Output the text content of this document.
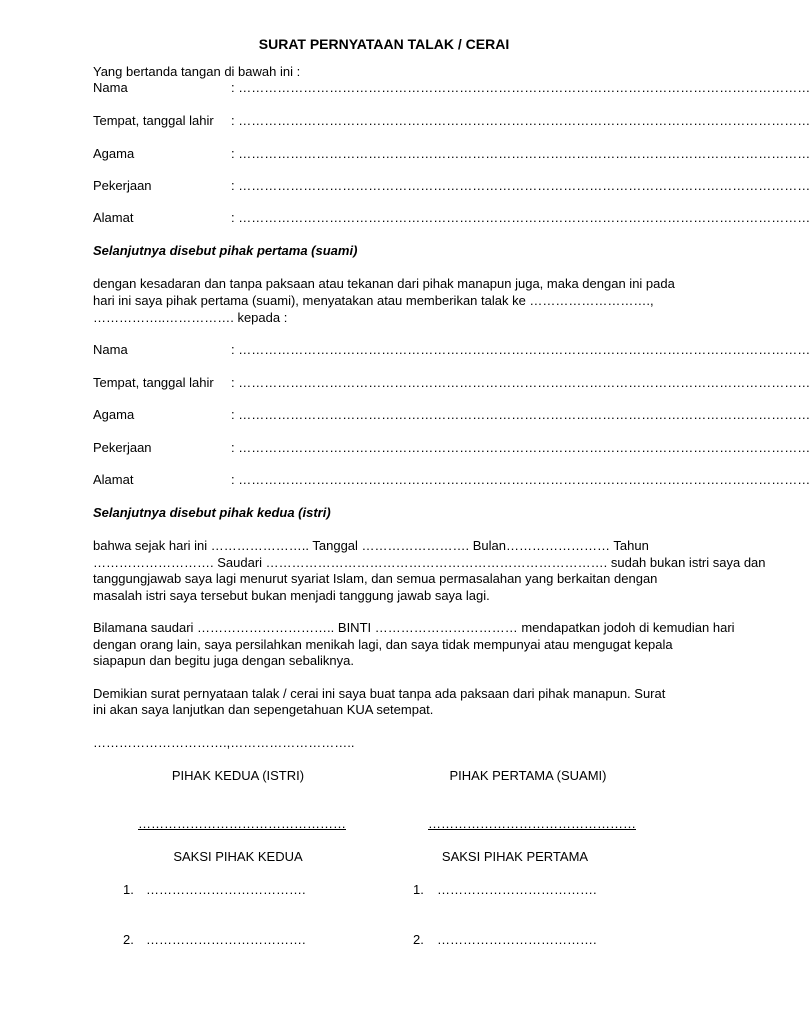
SURAT PERNYATAAN TALAK / CERAI
Yang bertanda tangan di bawah ini :
Nama	: ……………………………………………………………………………………………………………………
Tempat, tanggal lahir : ……………………………………………………………………………………………………………………
Agama	: ……………………………………………………………………………………………………………………
Pekerjaan	: ……………………………………………………………………………………………………………………
Alamat	: ……………………………………………………………………………………………………………………
Selanjutnya disebut pihak pertama (suami)
dengan kesadaran dan tanpa paksaan atau tekanan dari pihak manapun juga, maka dengan ini pada
hari ini saya pihak pertama (suami), menyatakan atau memberikan talak ke ……………………….,
……………..……………. kepada :
Nama	: ……………………………………………………………………………………………………………………
Tempat, tanggal lahir : ……………………………………………………………………………………………………………………
Agama	: ……………………………………………………………………………………………………………………
Pekerjaan	: ……………………………………………………………………………………………………………………
Alamat	: ……………………………………………………………………………………………………………………
Selanjutnya disebut pihak kedua (istri)
bahwa sejak hari ini ………………….. Tanggal ……………………. Bulan…………………… Tahun
………………………. Saudari ……………………………………………………………………. sudah bukan istri saya dan
tanggungjawab saya lagi menurut syariat Islam, dan semua permasalahan yang berkaitan dengan
masalah istri saya tersebut bukan menjadi tanggung jawab saya lagi.
Bilamana saudari ………………………….. BINTI …………………………… mendapatkan jodoh di kemudian hari
dengan orang lain, saya persilahkan menikah lagi, dan saya tidak mempunyai atau mengugat kepala
siapapun dan begitu juga dengan sebaliknya.
Demikian surat pernyataan talak / cerai ini saya buat tanpa ada paksaan dari pihak manapun. Surat
ini akan saya lanjutkan dan sepengetahuan KUA setempat.
………………………….,………………………..
PIHAK KEDUA (ISTRI)	PIHAK PERTAMA (SUAMI)
…………………………………………	…………………………………………
SAKSI PIHAK KEDUA	SAKSI PIHAK PERTAMA
1. ……………………………….	1. ……………………………….
2. ……………………………….	2. ……………………………….
